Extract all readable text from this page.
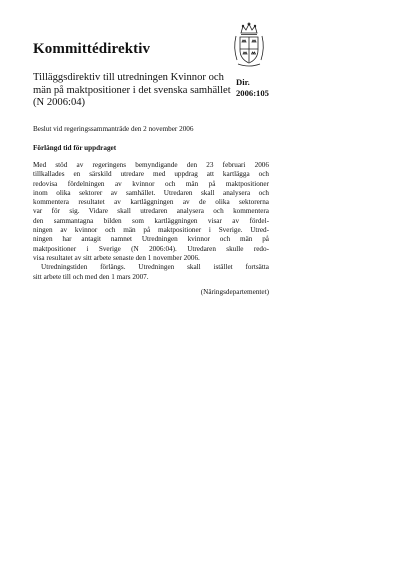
Kommittédirektiv
Tilläggsdirektiv till utredningen Kvinnor och män på maktpositioner i det svenska samhället (N 2006:04)
Dir.
2006:105
Beslut vid regeringssammanträde den 2 november 2006
Förlängd tid för uppdraget
Med stöd av regeringens bemyndigande den 23 februari 2006
tillkallades en särskild utredare med uppdrag att kartlägga och
redovisa fördelningen av kvinnor och män på maktpositioner
inom olika sektorer av samhället. Utredaren skall analysera och
kommentera resultatet av kartläggningen av de olika sektorerna
var för sig. Vidare skall utredaren analysera och kommentera
den sammantagna bilden som kartläggningen visar av fördel-
ningen av kvinnor och män på maktpositioner i Sverige. Utred-
ningen har antagit namnet Utredningen kvinnor och män på
maktpositioner i Sverige (N 2006:04). Utredaren skulle redo-
visa resultatet av sitt arbete senaste den 1 november 2006.
Utredningstiden förlängs. Utredningen skall istället fortsätta
sitt arbete till och med den 1 mars 2007.
(Näringsdepartementet)
